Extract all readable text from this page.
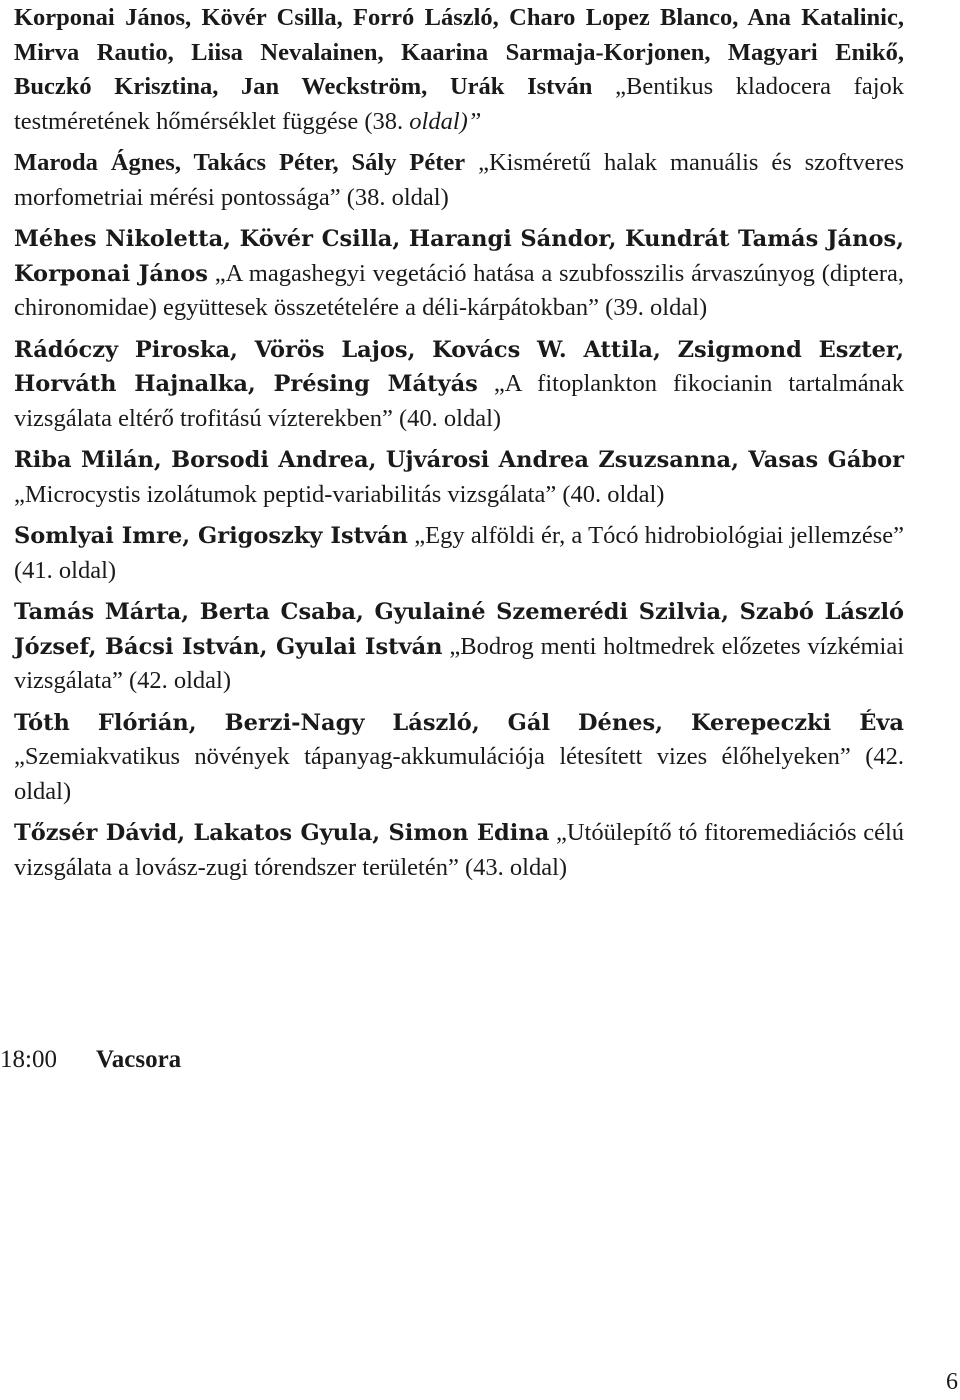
Korponai János, Kövér Csilla, Forró László, Charo Lopez Blanco, Ana Katalinic, Mirva Rautio, Liisa Nevalainen, Kaarina Sarmaja-Korjonen, Magyari Enikő, Buczkó Krisztina, Jan Weckström, Urák István „Bentikus kladocera fajok testméretének hőmérséklet függése (38. oldal)”

Maroda Ágnes, Takács Péter, Sály Péter „Kisméretű halak manuális és szoftveres morfometriai mérési pontossága” (38. oldal)

Méhes Nikoletta, Kövér Csilla, Harangi Sándor, Kundrát Tamás János, Korponai János „A magashegyi vegetáció hatása a szubfosszilis árvaszúnyog (diptera, chironomidae) együttesek összetételére a déli-kárpátokban” (39. oldal)

Rádóczy Piroska, Vörös Lajos, Kovács W. Attila, Zsigmond Eszter, Horváth Hajnalka, Présing Mátyás „A fitoplankton fikocianin tartalmának vizsgálata eltérő trofitású vízterekben” (40. oldal)

Riba Milán, Borsodi Andrea, Ujvárosi Andrea Zsuzsanna, Vasas Gábor „Microcystis izolátumok peptid-variabilitás vizsgálata” (40. oldal)

Somlyai Imre, Grigoszky István „Egy alföldi ér, a Tócó hidrobiológiai jellemzése” (41. oldal)

Tamás Márta, Berta Csaba, Gyulainé Szemerédi Szilvia, Szabó László József, Bácsi István, Gyulai István „Bodrog menti holtmedrek előzetes vízkémiai vizsgálata” (42. oldal)

Tóth Flórián, Berzi-Nagy László, Gál Dénes, Kerepeczki Éva „Szemiakvatikus növények tápanyag-akkumulációja létesített vizes élőhelyeken” (42. oldal)

Tőzsér Dávid, Lakatos Gyula, Simon Edina „Utóülepítő tó fitoremediációs célú vizsgálata a lovász-zugi tórendszer területén” (43. oldal)

18:00 Vacsora
6
